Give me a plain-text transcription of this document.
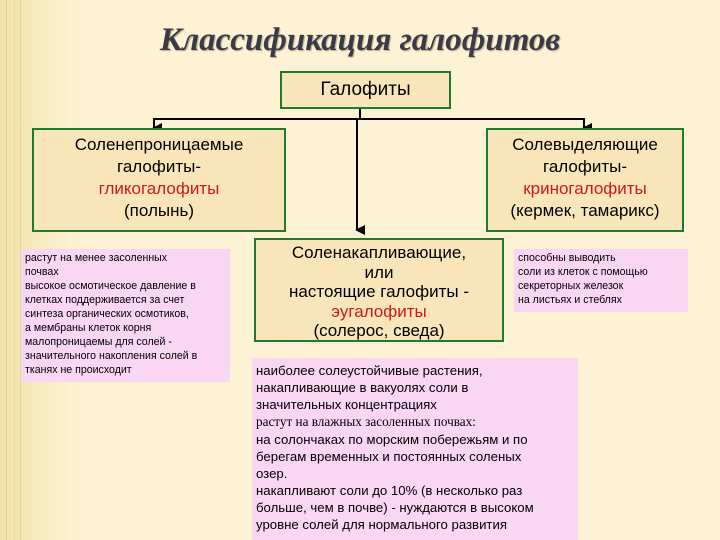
Классификация галофитов
Галофиты
Соленепроницаемые
галофиты-
гликогалофиты
(полынь)
Солевыделяющие
галофиты-
криногалофиты
(кермек, тамарикс)
Соленакапливающие,
или
настоящие галофиты -
эугалофиты
(солерос, сведа)
растут на менее засоленных
почвах
высокое осмотическое давление в
клетках поддерживается за счет
синтеза органических осмотиков,
а мембраны клеток корня
малопроницаемы для солей -
значительного накопления солей в
тканях не происходит
способны выводить
соли из клеток с помощью
секреторных железок
на листьях и стеблях
наиболее солеустойчивые растения,
накапливающие в вакуолях соли в
значительных концентрациях
растут на влажных засоленных почвах:
на солончаках по морским побережьям и по
берегам временных и постоянных соленых
озер.
накапливают соли до 10% (в несколько раз
больше, чем в почве) - нуждаются в высоком
уровне солей для нормального развития
